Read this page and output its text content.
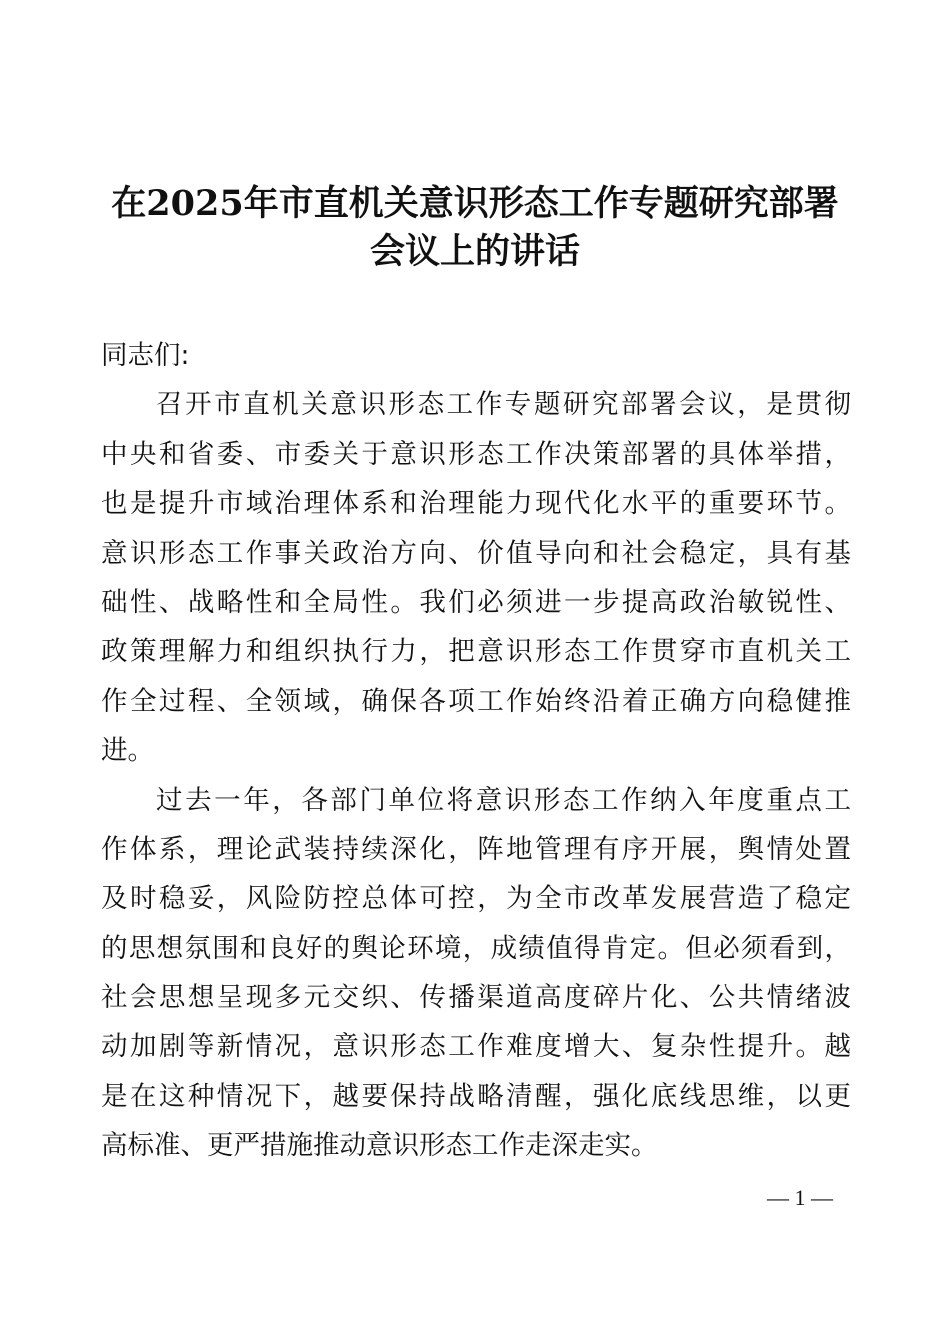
在2025年市直机关意识形态工作专题研究部署
会议上的讲话
同志们:
召开市直机关意识形态工作专题研究部署会议，是贯彻
中央和省委、市委关于意识形态工作决策部署的具体举措，
也是提升市域治理体系和治理能力现代化水平的重要环节。
意识形态工作事关政治方向、价值导向和社会稳定，具有基
础性、战略性和全局性。我们必须进一步提高政治敏锐性、
政策理解力和组织执行力，把意识形态工作贯穿市直机关工
作全过程、全领域，确保各项工作始终沿着正确方向稳健推
进。
过去一年，各部门单位将意识形态工作纳入年度重点工
作体系，理论武装持续深化，阵地管理有序开展，舆情处置
及时稳妥，风险防控总体可控，为全市改革发展营造了稳定
的思想氛围和良好的舆论环境，成绩值得肯定。但必须看到，
社会思想呈现多元交织、传播渠道高度碎片化、公共情绪波
动加剧等新情况，意识形态工作难度增大、复杂性提升。越
是在这种情况下，越要保持战略清醒，强化底线思维，以更
高标准、更严措施推动意识形态工作走深走实。
— 1 —
